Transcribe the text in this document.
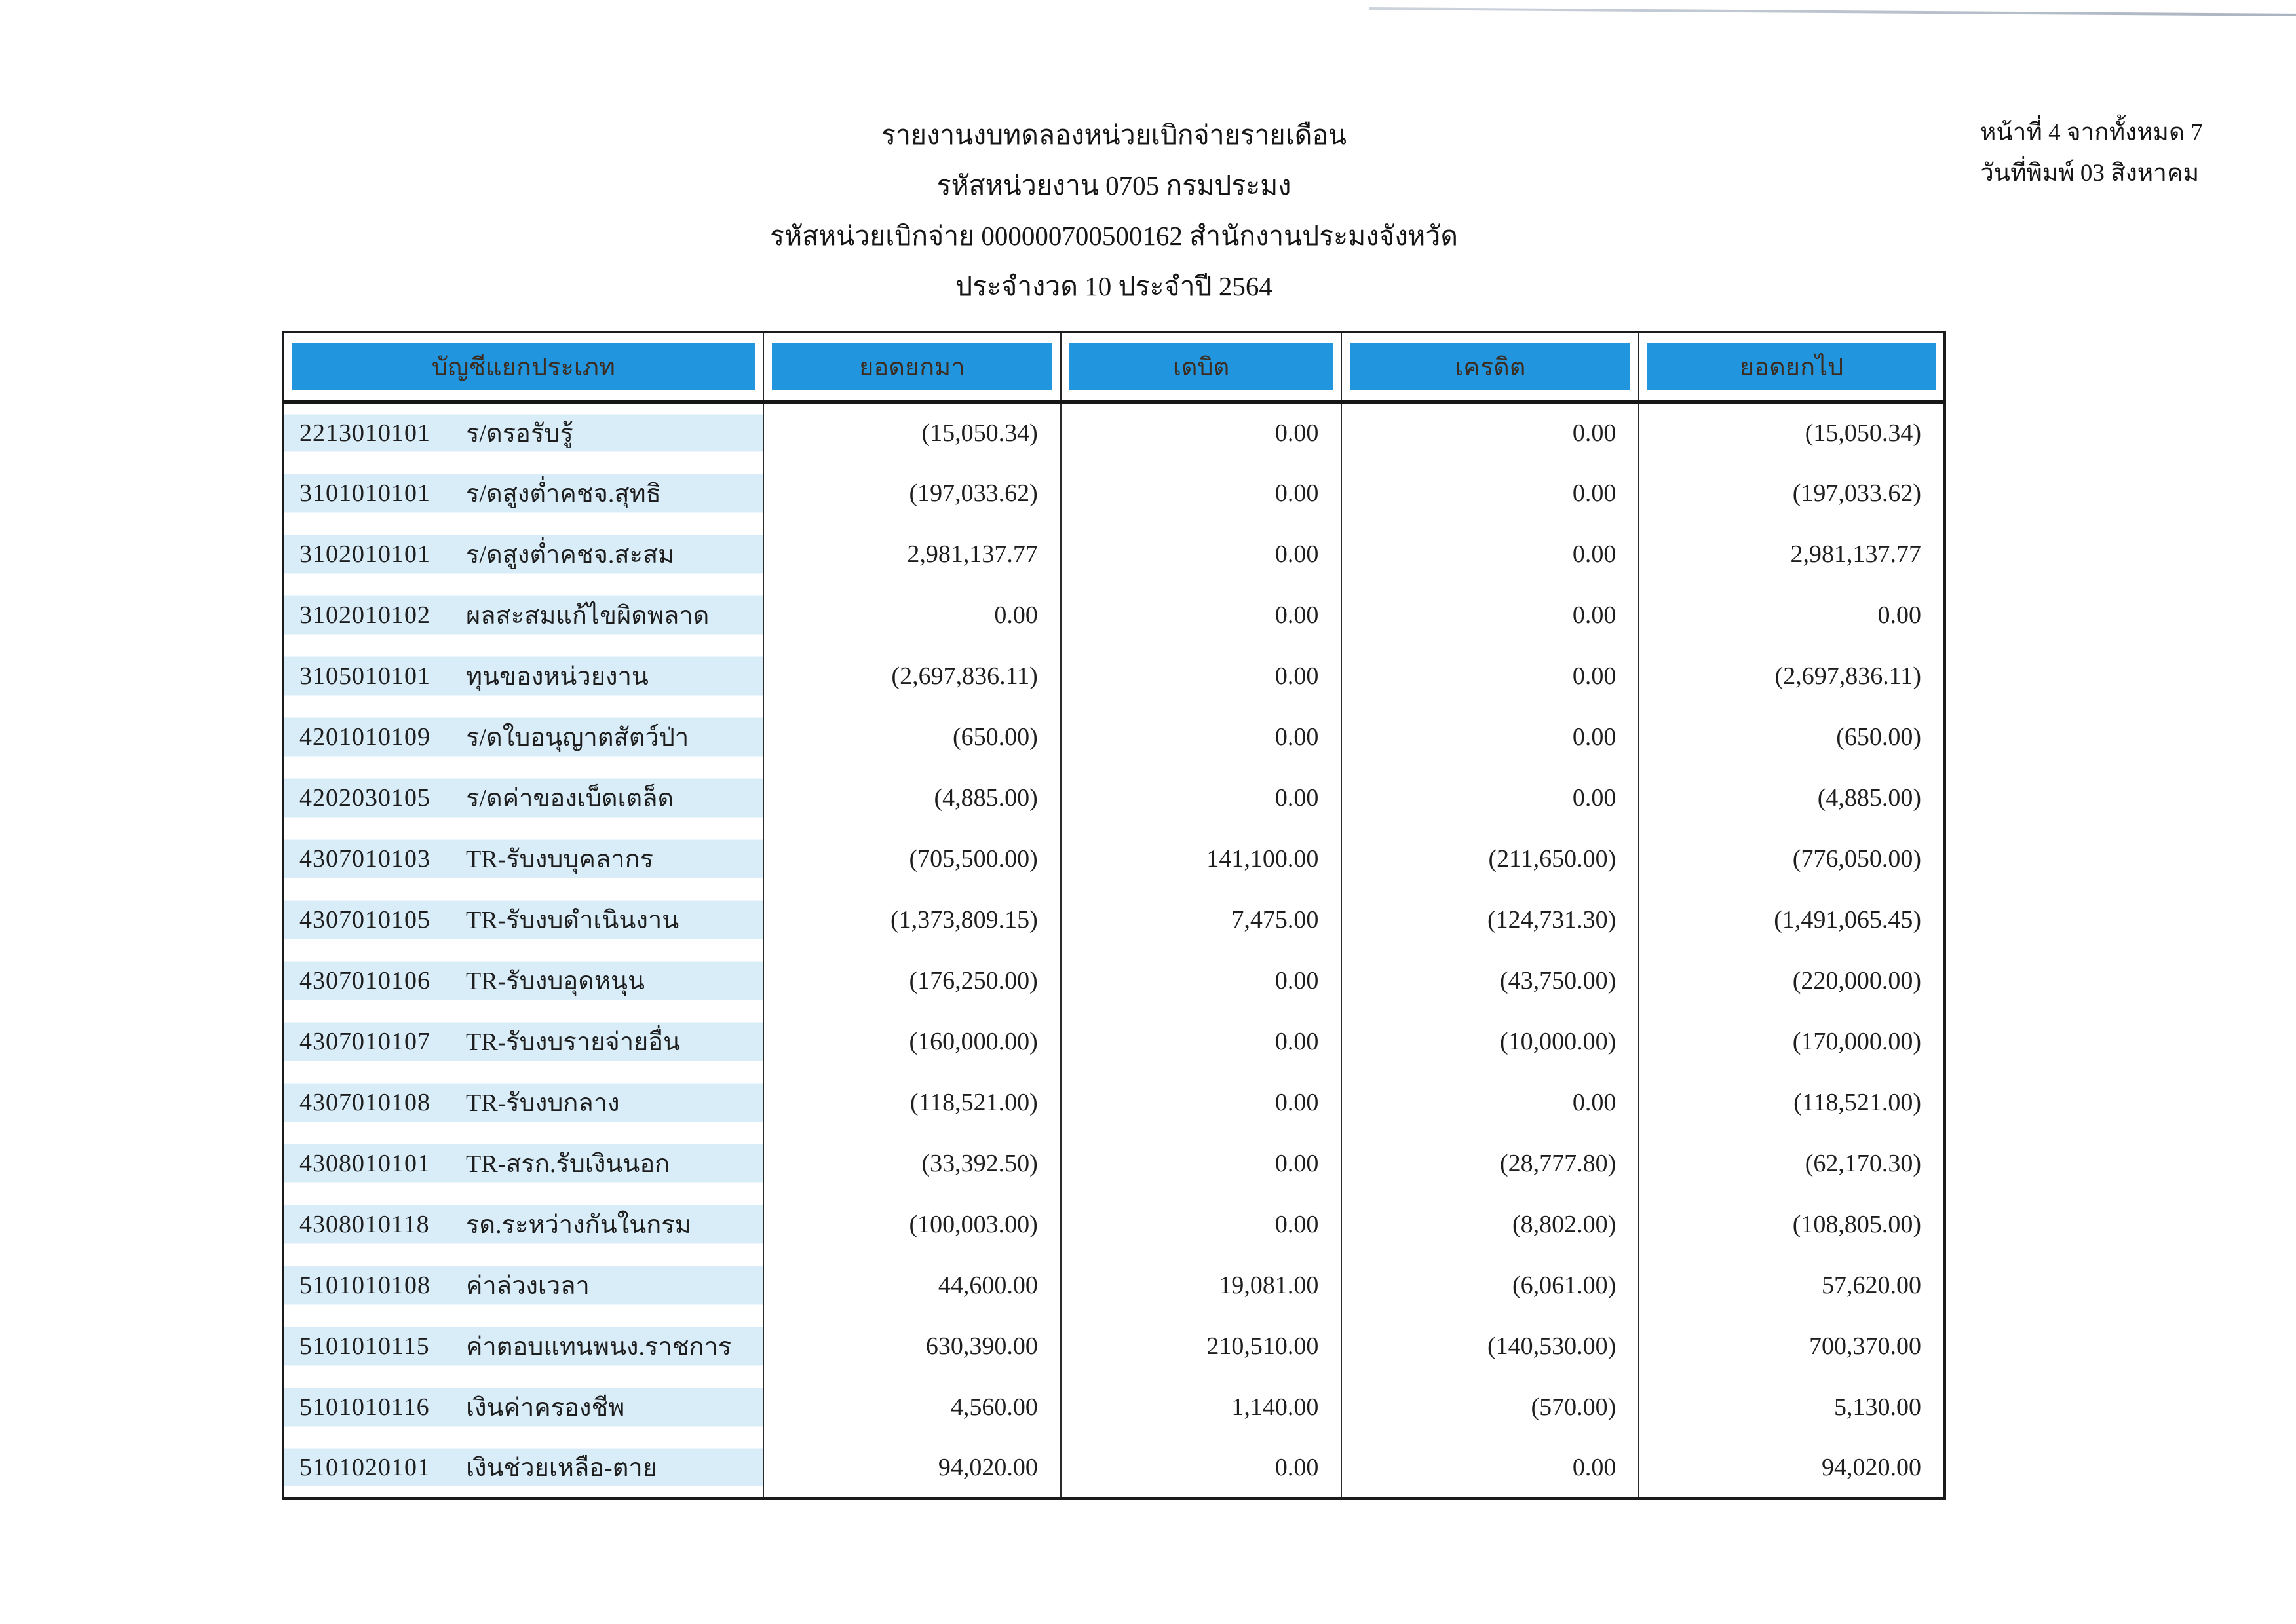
รายงานงบทดลองหน่วยเบิกจ่ายรายเดือน
รหัสหน่วยงาน 0705 กรมประมง
รหัสหน่วยเบิกจ่าย 000000700500162 สำนักงานประมงจังหวัด
ประจำงวด 10 ประจำปี 2564
หน้าที่ 4 จากทั้งหมด 7
วันที่พิมพ์ 03 สิงหาคม
บัญชีแยกประเภท	ยอดยกมา	เดบิต	เครดิต	ยอดยกไป

2213010101 ร/ดรอรับรู้	(15,050.34)	0.00	0.00	(15,050.34)

3101010101 ร/ดสูงต่ำคชจ.สุทธิ	(197,033.62)	0.00	0.00	(197,033.62)

3102010101 ร/ดสูงต่ำคชจ.สะสม	2,981,137.77	0.00	0.00	2,981,137.77

3102010102 ผลสะสมแก้ไขผิดพลาด	0.00	0.00	0.00	0.00

3105010101 ทุนของหน่วยงาน	(2,697,836.11)	0.00	0.00	(2,697,836.11)

4201010109 ร/ดใบอนุญาตสัตว์ป่า	(650.00)	0.00	0.00	(650.00)

4202030105 ร/ดค่าของเบ็ดเตล็ด	(4,885.00)	0.00	0.00	(4,885.00)

4307010103 TR-รับงบบุคลากร	(705,500.00)	141,100.00	(211,650.00)	(776,050.00)

4307010105 TR-รับงบดำเนินงาน	(1,373,809.15)	7,475.00	(124,731.30)	(1,491,065.45)

4307010106 TR-รับงบอุดหนุน	(176,250.00)	0.00	(43,750.00)	(220,000.00)

4307010107 TR-รับงบรายจ่ายอื่น	(160,000.00)	0.00	(10,000.00)	(170,000.00)

4307010108 TR-รับงบกลาง	(118,521.00)	0.00	0.00	(118,521.00)

4308010101 TR-สรก.รับเงินนอก	(33,392.50)	0.00	(28,777.80)	(62,170.30)

4308010118 รด.ระหว่างกันในกรม	(100,003.00)	0.00	(8,802.00)	(108,805.00)

5101010108 ค่าล่วงเวลา	44,600.00	19,081.00	(6,061.00)	57,620.00

5101010115 ค่าตอบแทนพนง.ราชการ	630,390.00	210,510.00	(140,530.00)	700,370.00

5101010116 เงินค่าครองชีพ	4,560.00	1,140.00	(570.00)	5,130.00

5101020101 เงินช่วยเหลือ-ตาย	94,020.00	0.00	0.00	94,020.00
